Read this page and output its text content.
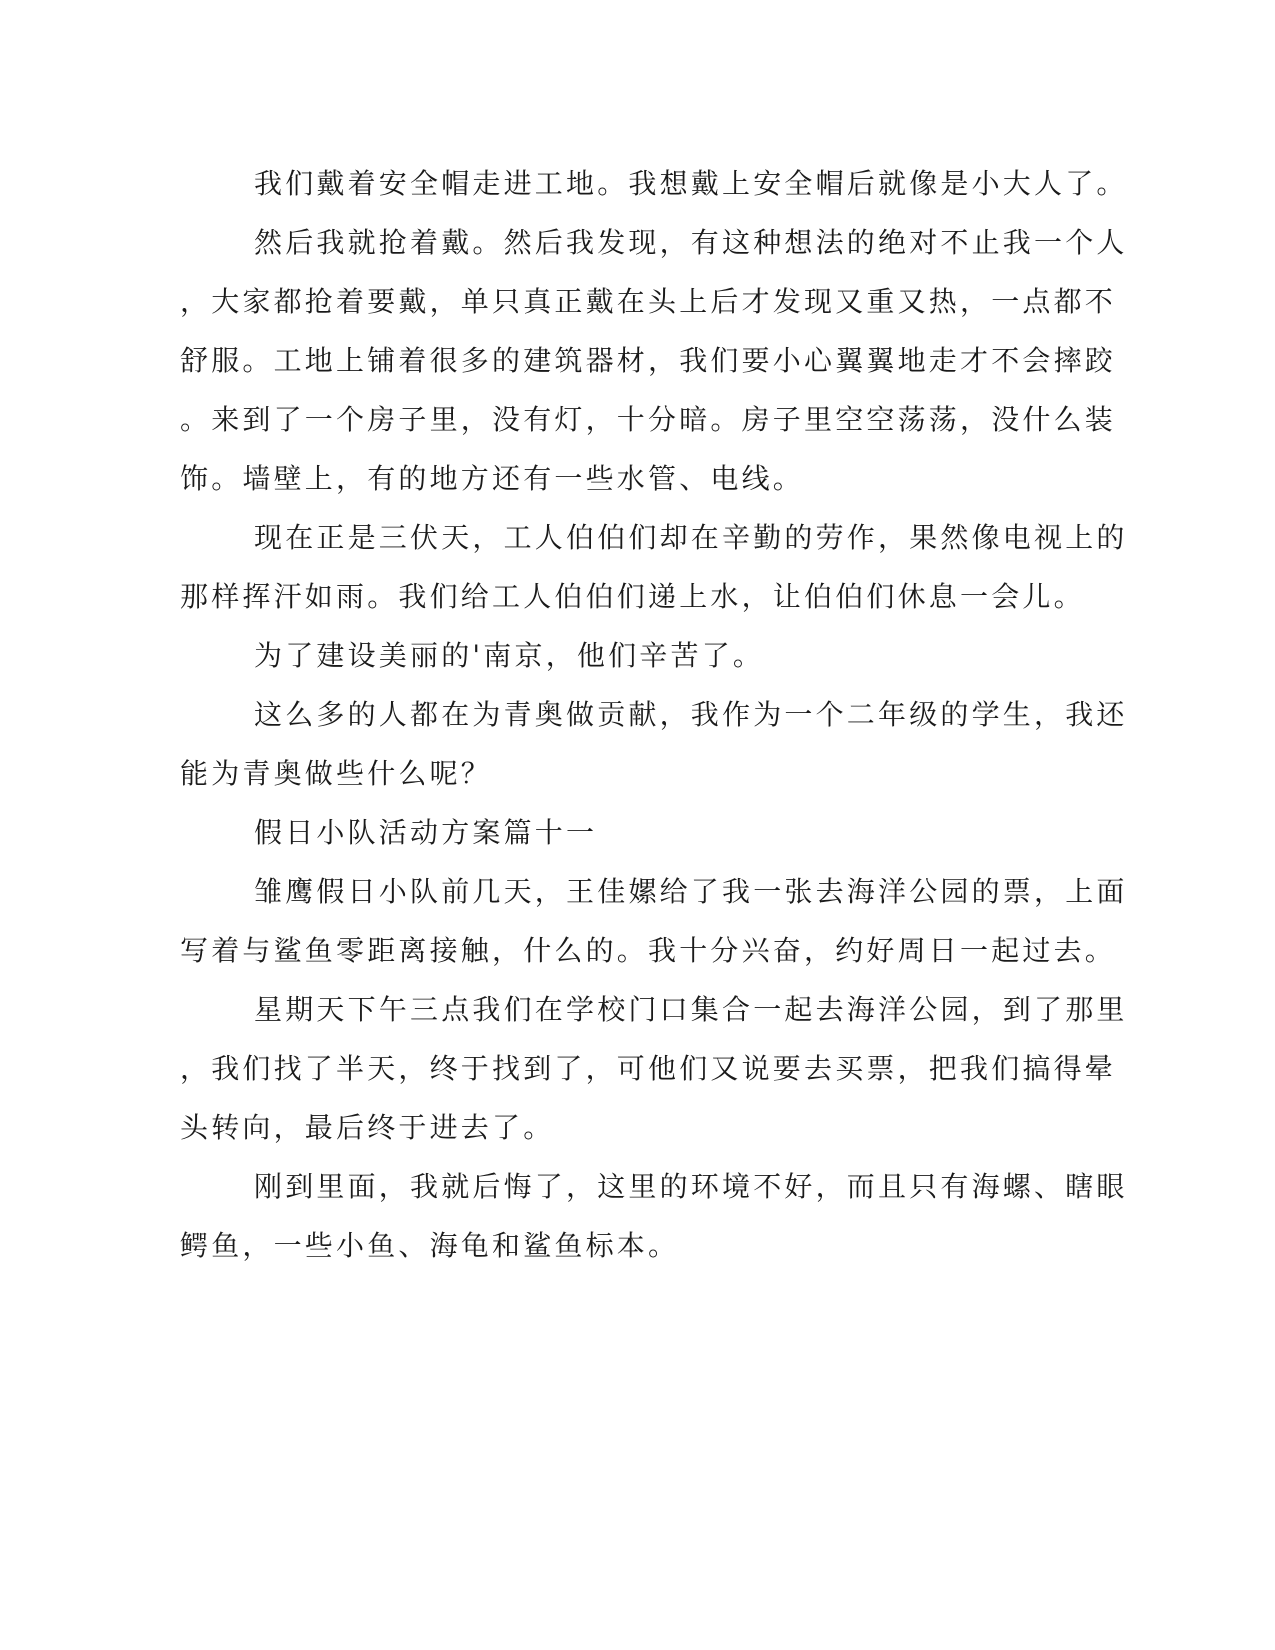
我们戴着安全帽走进工地。我想戴上安全帽后就像是小大人了。
然后我就抢着戴。然后我发现，有这种想法的绝对不止我一个人
，大家都抢着要戴，单只真正戴在头上后才发现又重又热，一点都不
舒服。工地上铺着很多的建筑器材，我们要小心翼翼地走才不会摔跤
。来到了一个房子里，没有灯，十分暗。房子里空空荡荡，没什么装
饰。墙壁上，有的地方还有一些水管、电线。
现在正是三伏天，工人伯伯们却在辛勤的劳作，果然像电视上的
那样挥汗如雨。我们给工人伯伯们递上水，让伯伯们休息一会儿。
为了建设美丽的'南京，他们辛苦了。
这么多的人都在为青奥做贡献，我作为一个二年级的学生，我还
能为青奥做些什么呢？
假日小队活动方案篇十一
雏鹰假日小队前几天，王佳嫘给了我一张去海洋公园的票，上面
写着与鲨鱼零距离接触，什么的。我十分兴奋，约好周日一起过去。
星期天下午三点我们在学校门口集合一起去海洋公园，到了那里
，我们找了半天，终于找到了，可他们又说要去买票，把我们搞得晕
头转向，最后终于进去了。
刚到里面，我就后悔了，这里的环境不好，而且只有海螺、瞎眼
鳄鱼，一些小鱼、海龟和鲨鱼标本。
